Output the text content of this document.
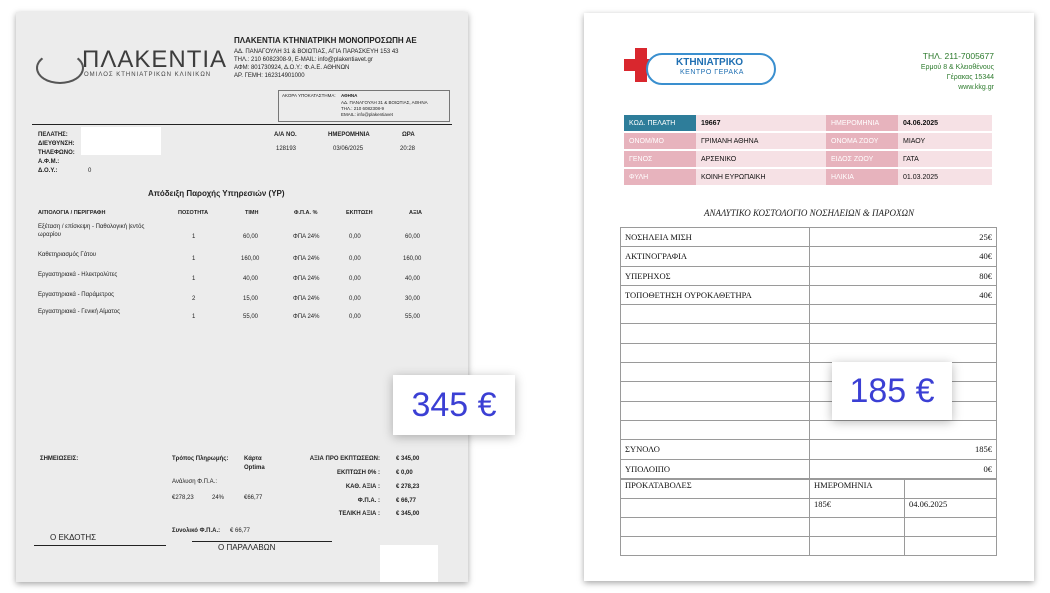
ΠΛΑΚΕΝΤΙΑ
ΟΜΙΛΟΣ ΚΤΗΝΙΑΤΡΙΚΩΝ ΚΛΙΝΙΚΩΝ
ΠΛΑΚΕΝΤΙΑ ΚΤΗΝΙΑΤΡΙΚΗ ΜΟΝΟΠΡΟΣΩΠΗ ΑΕ
ΑΔ. ΠΑΝΑΓΟΥΛΗ 31 & ΒΟΙΩΤΙΑΣ, ΑΓΙΑ ΠΑΡΑΣΚΕΥΗ 153 43
ΤΗΛ.: 210 6082308-9, E-MAIL: info@plakentiavet.gr
ΑΦΜ: 801730924, Δ.Ο.Υ.: Φ.Α.Ε. ΑΘΗΝΩΝ
ΑΡ. ΓΕΜΗ: 162314901000
ΑΚΟΡΑ ΥΠΟΚΑΤΑΣΤΗΜΑ: ΑΘΗΝΑ
ΑΔ. ΠΑΝΑΓΟΥΛΗ 31 & ΒΟΙΩΤΙΑΣ, ΑΘΗΝΑ
ΤΗΛ.: 210 6082308-9
EMAIL: info@plakentiavet
ΠΕΛΑΤΗΣ:
ΔΙΕΥΘΥΝΣΗ:
ΤΗΛΕΦΩΝΟ:
Α.Φ.Μ.:
Δ.Ο.Υ.:	0
Α/Α ΝΟ.	ΗΜΕΡΟΜΗΝΙΑ	ΩΡΑ
128193	03/06/2025	20:28
Απόδειξη Παροχής Υπηρεσιών (ΥΡ)
ΑΙΤΙΟΛΟΓΙΑ / ΠΕΡΙΓΡΑΦΗ	ΠΟΣΟΤΗΤΑ	ΤΙΜΗ	Φ.Π.Α. %	ΕΚΠΤΩΣΗ	ΑΞΙΑ
Εξέταση / επίσκεψη - Παθολογική |εντός
ωραρίου	1	60,00	ΦΠΑ 24%	0,00	60,00
Καθετηριασμός Γάτου
1	160,00	ΦΠΑ 24%	0,00	160,00
Εργαστηριακά - Ηλεκτρολύτες
1	40,00	ΦΠΑ 24%	0,00	40,00
Εργαστηριακά - Παράμετρος
2	15,00	ΦΠΑ 24%	0,00	30,00
Εργαστηριακά - Γενική Αίματος
1	55,00	ΦΠΑ 24%	0,00	55,00
ΣΗΜΕΙΩΣΕΙΣ:	Τρόπος Πληρωμής:	Κάρτα
Optima
Ανάλυση Φ.Π.Α.:
€278,23	24%	€66,77
Συνολικό Φ.Π.Α.: € 66,77
ΑΞΙΑ ΠΡΟ ΕΚΠΤΩΣΕΩΝ:	€ 345,00
ΕΚΠΤΩΣΗ 0% :	€ 0,00
ΚΑΘ. ΑΞΙΑ :	€ 278,23
Φ.Π.Α. :	€ 66,77
ΤΕΛΙΚΗ ΑΞΙΑ :	€ 345,00
Ο ΕΚΔΟΤΗΣ
Ο ΠΑΡΑΛΑΒΩΝ
345 €
ΚΤΗΝΙΑΤΡΙΚΟ
ΚΕΝΤΡΟ ΓΕΡΑΚΑ
ΤΗΛ. 211-7005677
Ερμού 8 & Κλειοθένους
Γέρακας 15344
www.kkg.gr
ΚΩΔ. ΠΕΛΑΤΗ	19667	ΗΜΕΡΟΜΗΝΙΑ	04.06.2025
ΟΝΟΜ/ΜΟ	ΓΡΙΜΑΝΗ ΑΘΗΝΑ	ΟΝΟΜΑ ΖΩΟΥ	ΜΙΑΟΥ
ΓΕΝΟΣ	ΑΡΣΕΝΙΚΟ	ΕΙΔΟΣ ΖΩΟΥ	ΓΑΤΑ
ΦΥΛΗ	ΚΟΙΝΗ ΕΥΡΩΠΑΙΚΗ	ΗΛΙΚΙΑ	01.03.2025
ΑΝΑΛΥΤΙΚΟ ΚΟΣΤΟΛΟΓΙΟ ΝΟΣΗΛΕΙΩΝ & ΠΑΡΟΧΩΝ
ΝΟΣΗΛΕΙΑ ΜΙΣΗ	25€
ΑΚΤΙΝΟΓΡΑΦΙΑ	40€
ΥΠΕΡΗΧΟΣ	80€
ΤΟΠΟΘΕΤΗΣΗ ΟΥΡΟΚΑΘΕΤΗΡΑ	40€

ΣΥΝΟΛΟ	185€
ΥΠΟΛΟΙΠΟ	0€
ΠΡΟΚΑΤΑΒΟΛΕΣ	ΗΜΕΡΟΜΗΝΙΑ	
	185€	04.06.2025

185 €
